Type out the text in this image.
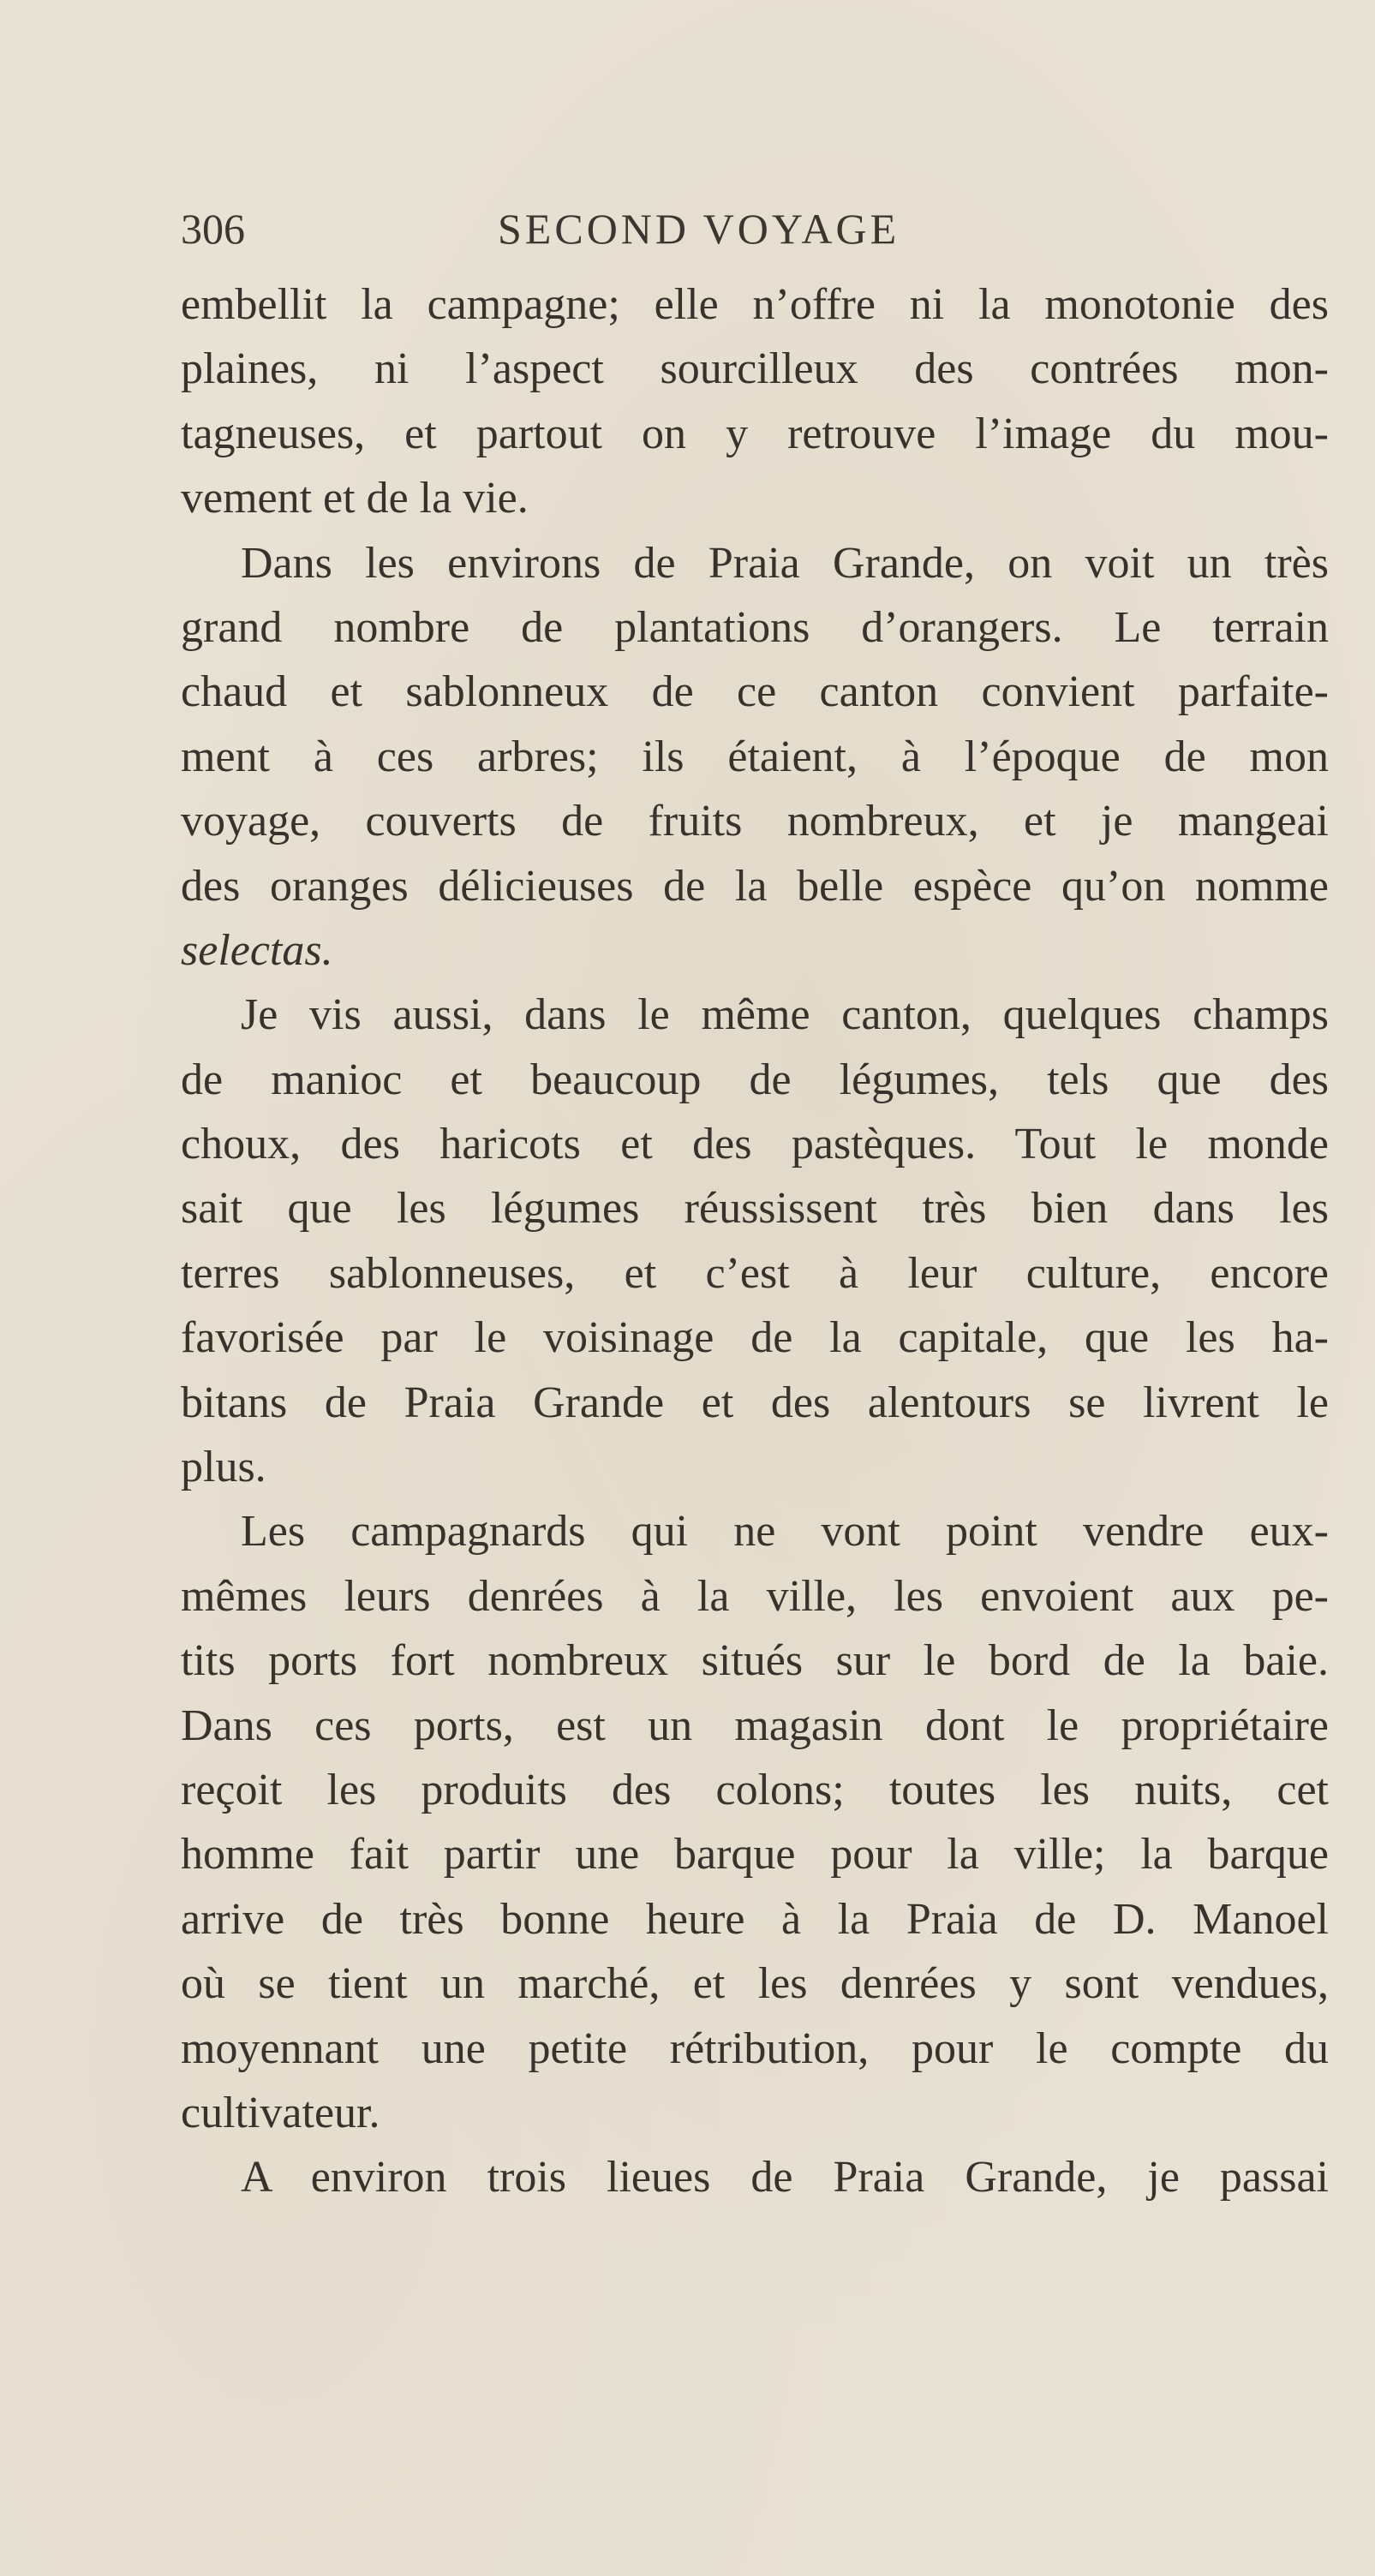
306	SECOND VOYAGE
embellit la campagne; elle n’offre ni la monotonie des
plaines, ni l’aspect sourcilleux des contrées mon-
tagneuses, et partout on y retrouve l’image du mou-
vement et de la vie.
Dans les environs de Praia Grande, on voit un très
grand nombre de plantations d’orangers. Le terrain
chaud et sablonneux de ce canton convient parfaite-
ment à ces arbres; ils étaient, à l’époque de mon
voyage, couverts de fruits nombreux, et je mangeai
des oranges délicieuses de la belle espèce qu’on nomme
selectas.
Je vis aussi, dans le même canton, quelques champs
de manioc et beaucoup de légumes, tels que des
choux, des haricots et des pastèques. Tout le monde
sait que les légumes réussissent très bien dans les
terres sablonneuses, et c’est à leur culture, encore
favorisée par le voisinage de la capitale, que les ha-
bitans de Praia Grande et des alentours se livrent le
plus.
Les campagnards qui ne vont point vendre eux-
mêmes leurs denrées à la ville, les envoient aux pe-
tits ports fort nombreux situés sur le bord de la baie.
Dans ces ports, est un magasin dont le propriétaire
reçoit les produits des colons; toutes les nuits, cet
homme fait partir une barque pour la ville; la barque
arrive de très bonne heure à la Praia de D. Manoel
où se tient un marché, et les denrées y sont vendues,
moyennant une petite rétribution, pour le compte du
cultivateur.
A environ trois lieues de Praia Grande, je passai
